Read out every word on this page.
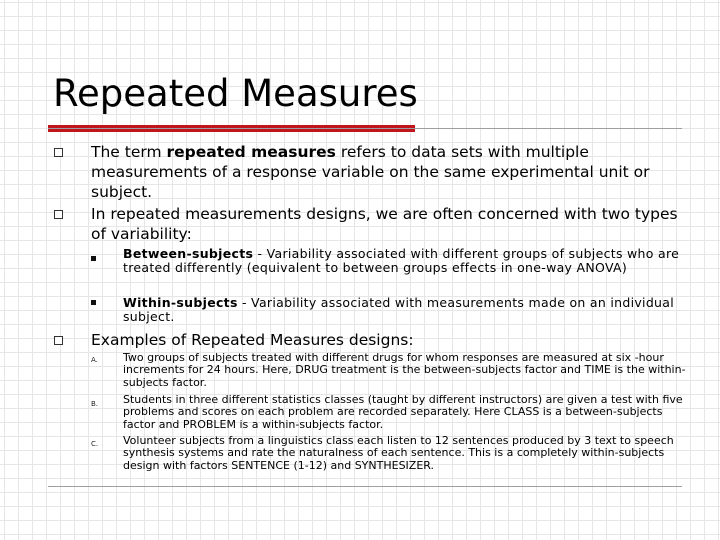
Repeated Measures

The term repeated measures refers to data sets with multiple measurements of a response variable on the same experimental unit or subject.

In repeated measurements designs, we are often concerned with two types of variability:

Between-subjects - Variability associated with different groups of subjects who are treated differently (equivalent to between groups effects in one-way ANOVA)

Within-subjects - Variability associated with measurements made on an individual subject.

Examples of Repeated Measures designs:

A. Two groups of subjects treated with different drugs for whom responses are measured at six -hour increments for 24 hours. Here, DRUG treatment is the between-subjects factor and TIME is the within-subjects factor.

B. Students in three different statistics classes (taught by different instructors) are given a test with five problems and scores on each problem are recorded separately. Here CLASS is a between-subjects factor and PROBLEM is a within-subjects factor.

C. Volunteer subjects from a linguistics class each listen to 12 sentences produced by 3 text to speech synthesis systems and rate the naturalness of each sentence. This is a completely within-subjects design with factors SENTENCE (1-12) and SYNTHESIZER.
